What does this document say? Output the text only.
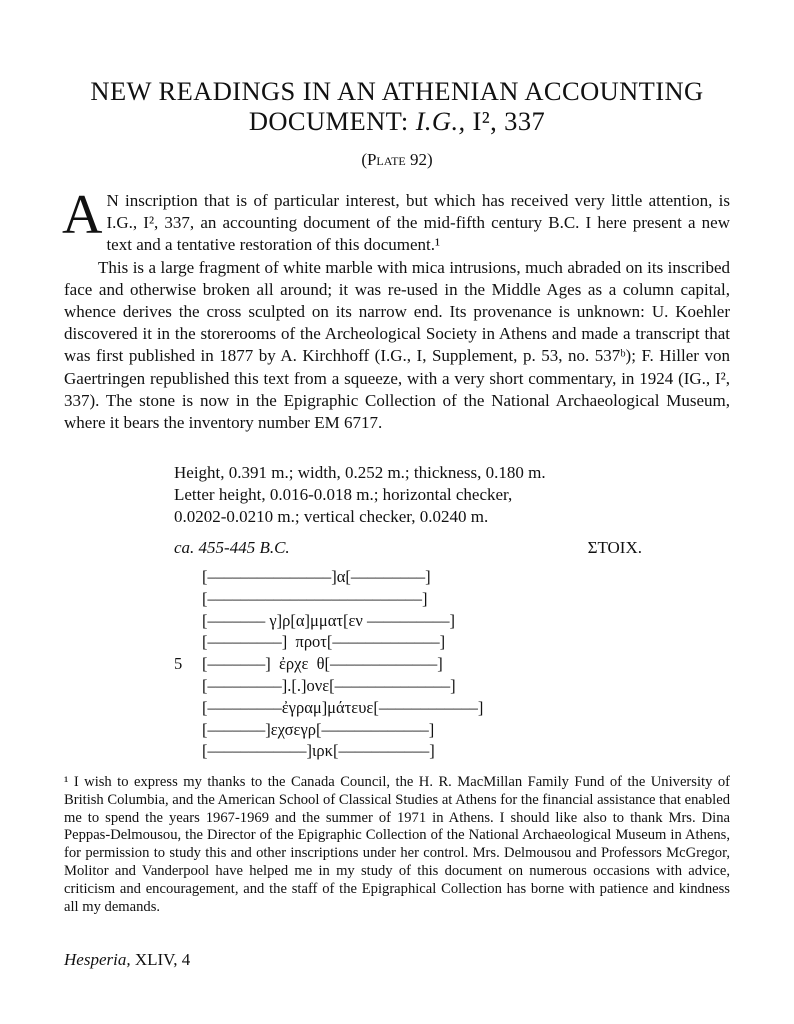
NEW READINGS IN AN ATHENIAN ACCOUNTING
DOCUMENT: I.G., I², 337
(Plate 92)

A N inscription that is of particular interest, but which has received very little attention, is I.G., I², 337, an accounting document of the mid-fifth century B.C. I here present a new text and a tentative restoration of this document.¹

This is a large fragment of white marble with mica intrusions, much abraded on its inscribed face and otherwise broken all around; it was re-used in the Middle Ages as a column capital, whence derives the cross sculpted on its narrow end. Its provenance is unknown: U. Koehler discovered it in the storerooms of the Archeological Society in Athens and made a transcript that was first published in 1877 by A. Kirchhoff (I.G., I, Supplement, p. 53, no. 537ᵇ); F. Hiller von Gaertringen republished this text from a squeeze, with a very short commentary, in 1924 (IG., I², 337). The stone is now in the Epigraphic Collection of the National Archaeological Museum, where it bears the inventory number EM 6717.

Height, 0.391 m.; width, 0.252 m.; thickness, 0.180 m.
Letter height, 0.016-0.018 m.; horizontal checker,
0.0202-0.0210 m.; vertical checker, 0.0240 m.
ca. 455-445 B.C.	ΣΤΟΙΧ.
[–––––––––––––––]α[–––––––––]
[––––––––––––––––––––––––––]
[––––––– γ]ρ[α]μματ[εν ––––––––––]
[–––––––––]  προτ[–––––––––––––]
5	[–––––––]  ἐρχε  θ[–––––––––––––]
[–––––––––].[.]ονε[––––––––––––––]
[–––––––––ἐγραμ]μάτευε[––––––––––––]
[–––––––]εχσεγρ[–––––––––––––]
[––––––––––––]ιρκ[–––––––––––]
¹ I wish to express my thanks to the Canada Council, the H. R. MacMillan Family Fund of the University of British Columbia, and the American School of Classical Studies at Athens for the financial assistance that enabled me to spend the years 1967-1969 and the summer of 1971 in Athens. I should like also to thank Mrs. Dina Peppas-Delmousou, the Director of the Epigraphic Collection of the National Archaeological Museum in Athens, for permission to study this and other inscriptions under her control. Mrs. Delmousou and Professors McGregor, Molitor and Vanderpool have helped me in my study of this document on numerous occasions with advice, criticism and encouragement, and the staff of the Epigraphical Collection has borne with patience and kindness all my demands.
Hesperia, XLIV, 4
